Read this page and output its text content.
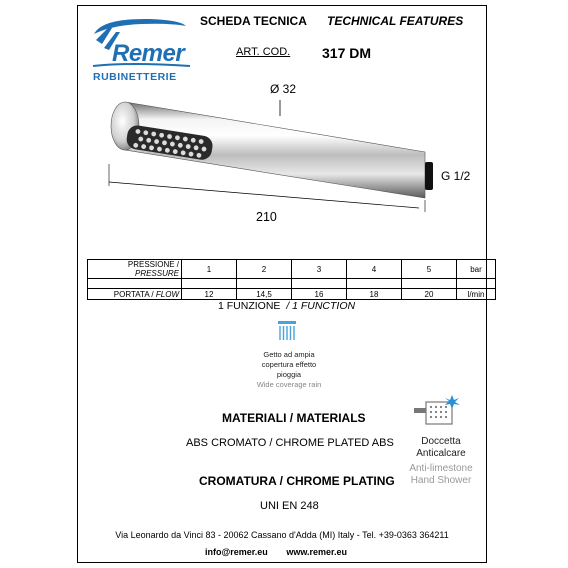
Remer
RUBINETTERIE
SCHEDA TECNICA TECHNICAL FEATURES
ART. COD. 317 DM
Ø 32
G 1/2
210
PRESSIONE / PRESSURE	1	2	3	4	5	bar

PORTATA / FLOW	12	14,5	16	18	20	l/min
1 FUNZIONE / 1 FUNCTION
Getto ad ampia copertura effetto pioggia
Wide coverage rain
MATERIALI / MATERIALS
ABS CROMATO / CHROME PLATED ABS
CROMATURA / CHROME PLATING
UNI EN 248
Doccetta Anticalcare
Anti-limestone Hand Shower
Via Leonardo da Vinci 83 - 20062 Cassano d'Adda (MI) Italy - Tel. +39-0363 364211
info@remer.eu www.remer.eu
